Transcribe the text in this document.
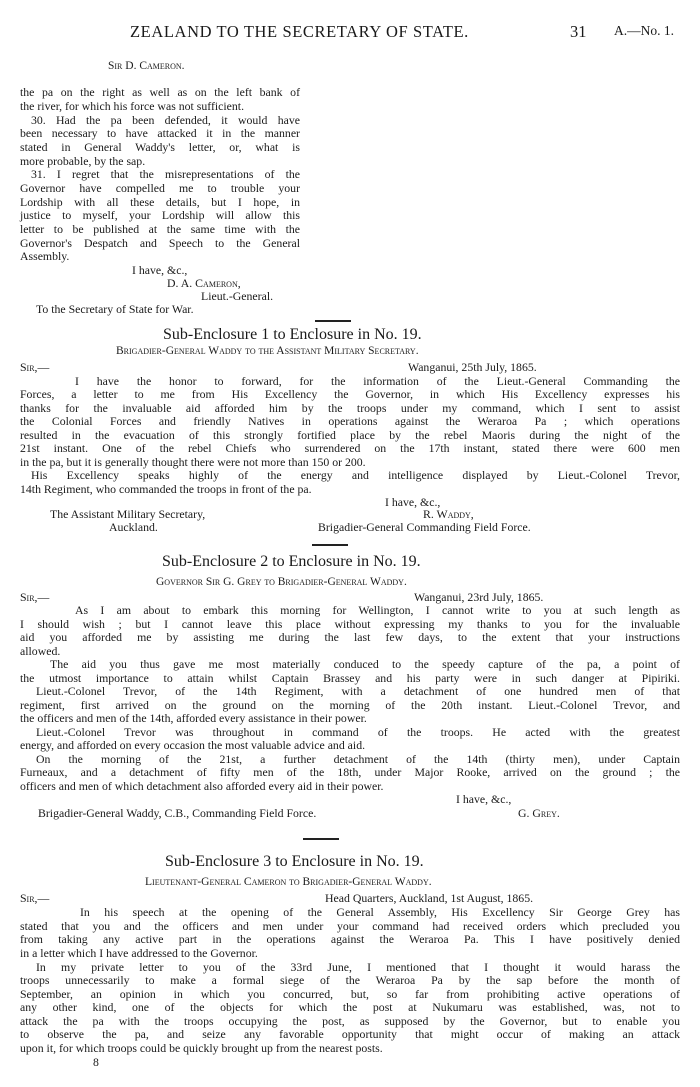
ZEALAND TO THE SECRETARY OF STATE.	31 A.—No. 1.
Sir D. Cameron.
the pa on the right as well as on the left bank of
the river, for which his force was not sufficient.
30. Had the pa been defended, it would have
been necessary to have attacked it in the manner
stated in General Waddy's letter, or, what is
more probable, by the sap.
31. I regret that the misrepresentations of the
Governor have compelled me to trouble your
Lordship with all these details, but I hope, in
justice to myself, your Lordship will allow this
letter to be published at the same time with the
Governor's Despatch and Speech to the General
Assembly.
I have, &c.,
D. A. Cameron,
Lieut.-General.
To the Secretary of State for War.
Sub-Enclosure 1 to Enclosure in No. 19.
Brigadier-General Waddy to the Assistant Military Secretary.
Sir,—	Wanganui, 25th July, 1865.
I have the honor to forward, for the information of the Lieut.-General Commanding the
Forces, a letter to me from His Excellency the Governor, in which His Excellency expresses his
thanks for the invaluable aid afforded him by the troops under my command, which I sent to assist
the Colonial Forces and friendly Natives in operations against the Weraroa Pa ; which operations
resulted in the evacuation of this strongly fortified place by the rebel Maoris during the night of the
21st instant. One of the rebel Chiefs who surrendered on the 17th instant, stated there were 600 men
in the pa, but it is generally thought there were not more than 150 or 200.
His Excellency speaks highly of the energy and intelligence displayed by Lieut.-Colonel Trevor,
14th Regiment, who commanded the troops in front of the pa.
I have, &c.,
R. Waddy,
The Assistant Military Secretary,
Brigadier-General Commanding Field Force.
Auckland.
Sub-Enclosure 2 to Enclosure in No. 19.
Governor Sir G. Grey to Brigadier-General Waddy.
Sir,—	Wanganui, 23rd July, 1865.
As I am about to embark this morning for Wellington, I cannot write to you at such length as
I should wish ; but I cannot leave this place without expressing my thanks to you for the invaluable
aid you afforded me by assisting me during the last few days, to the extent that your instructions
allowed.
The aid you thus gave me most materially conduced to the speedy capture of the pa, a point of
the utmost importance to attain whilst Captain Brassey and his party were in such danger at Pipiriki.
Lieut.-Colonel Trevor, of the 14th Regiment, with a detachment of one hundred men of that
regiment, first arrived on the ground on the morning of the 20th instant. Lieut.-Colonel Trevor, and
the officers and men of the 14th, afforded every assistance in their power.
Lieut.-Colonel Trevor was throughout in command of the troops. He acted with the greatest
energy, and afforded on every occasion the most valuable advice and aid.
On the morning of the 21st, a further detachment of the 14th (thirty men), under Captain
Furneaux, and a detachment of fifty men of the 18th, under Major Rooke, arrived on the ground ; the
officers and men of which detachment also afforded every aid in their power.
I have, &c.,
Brigadier-General Waddy, C.B., Commanding Field Force.	G. Grey.
Sub-Enclosure 3 to Enclosure in No. 19.
Lieutenant-General Cameron to Brigadier-General Waddy.
Sir,—	Head Quarters, Auckland, 1st August, 1865.
In his speech at the opening of the General Assembly, His Excellency Sir George Grey has
stated that you and the officers and men under your command had received orders which precluded you
from taking any active part in the operations against the Weraroa Pa. This I have positively denied
in a letter which I have addressed to the Governor.
In my private letter to you of the 33rd June, I mentioned that I thought it would harass the
troops unnecessarily to make a formal siege of the Weraroa Pa by the sap before the month of
September, an opinion in which you concurred, but, so far from prohibiting active operations of
any other kind, one of the objects for which the post at Nukumaru was established, was, not to
attack the pa with the troops occupying the post, as supposed by the Governor, but to enable you
to observe the pa, and seize any favorable opportunity that might occur of making an attack
upon it, for which troops could be quickly brought up from the nearest posts.
8
